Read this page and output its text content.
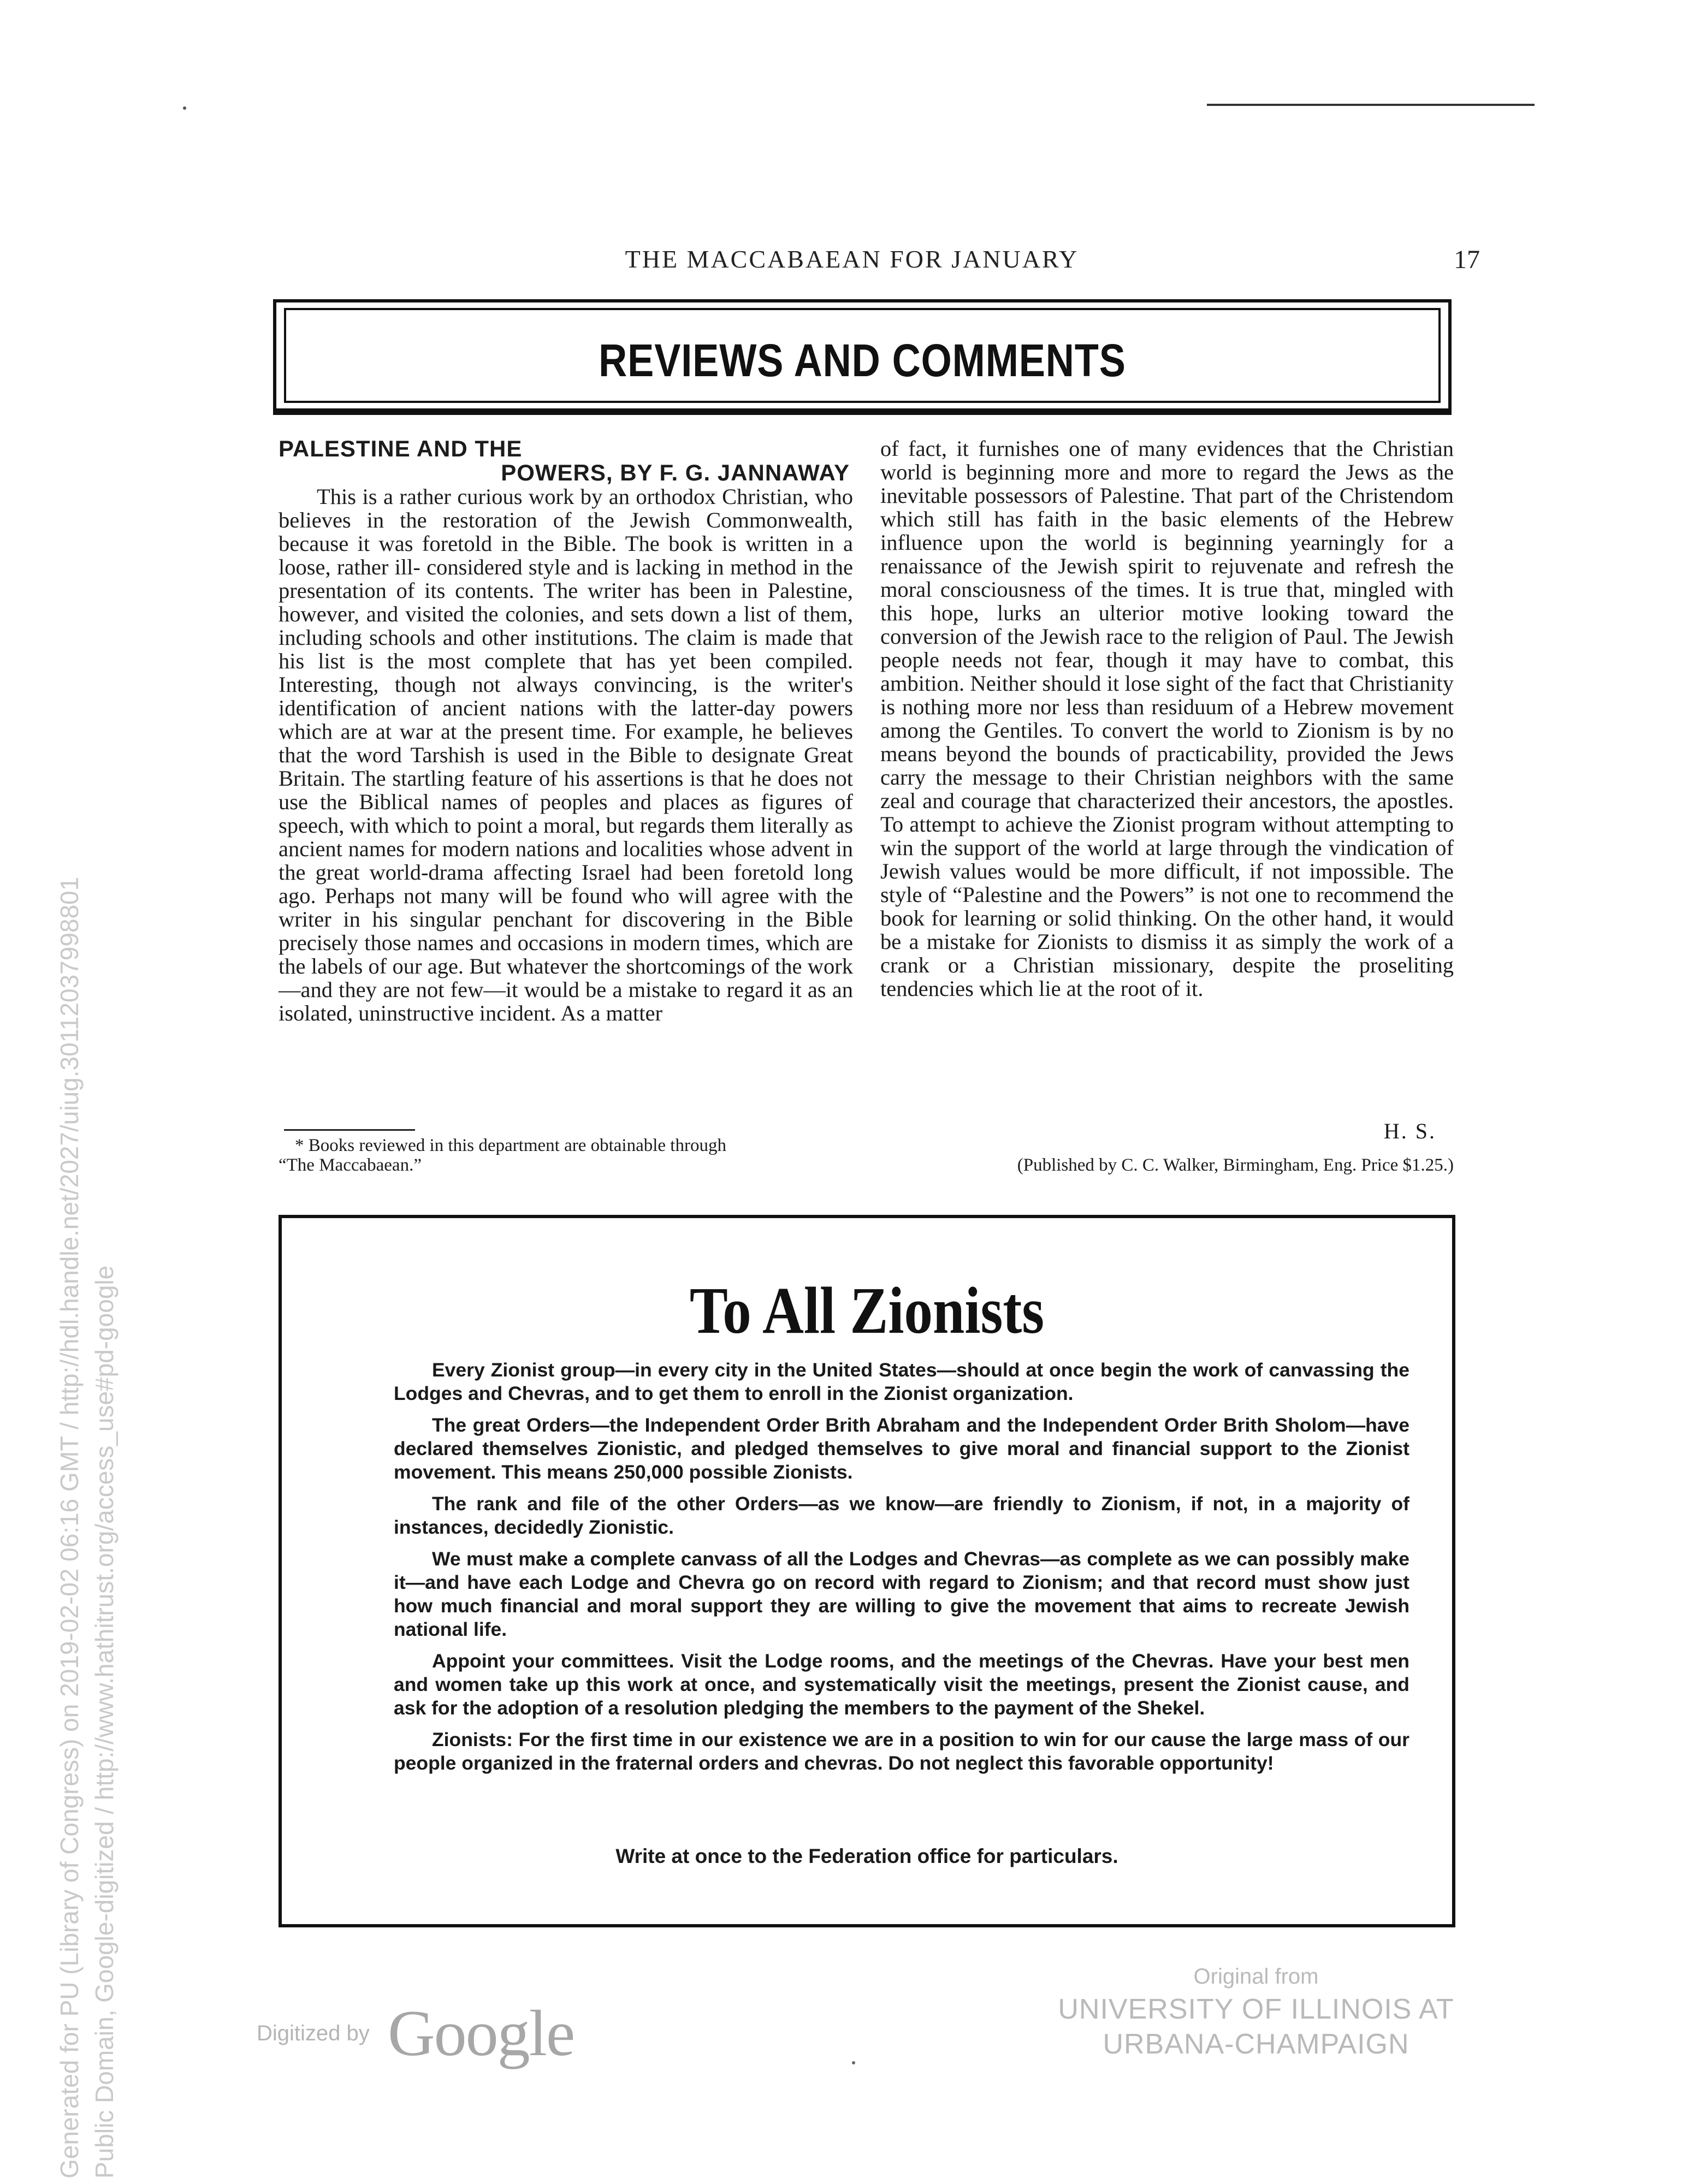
THE MACCABAEAN FOR JANUARY	17
REVIEWS AND COMMENTS
PALESTINE AND THE
POWERS, BY F. G. JANNAWAY

This is a rather curious work by an orthodox Christian, who believes in the restoration of the Jewish Commonwealth, because it was foretold in the Bible. The book is written in a loose, rather ill- considered style and is lacking in method in the presentation of its contents. The writer has been in Palestine, however, and visited the colonies, and sets down a list of them, including schools and other institutions. The claim is made that his list is the most complete that has yet been compiled. Interesting, though not always convincing, is the writer's identification of ancient nations with the latter-day powers which are at war at the present time. For example, he believes that the word Tarshish is used in the Bible to designate Great Britain. The startling feature of his assertions is that he does not use the Biblical names of peoples and places as figures of speech, with which to point a moral, but regards them literally as ancient names for modern nations and localities whose advent in the great world-drama affecting Israel had been foretold long ago. Perhaps not many will be found who will agree with the writer in his singular penchant for discovering in the Bible precisely those names and occasions in modern times, which are the labels of our age. But whatever the shortcomings of the work—and they are not few—it would be a mistake to regard it as an isolated, uninstructive incident. As a matter

* Books reviewed in this department are obtainable through
“The Maccabaean.”

of fact, it furnishes one of many evidences that the Christian world is beginning more and more to regard the Jews as the inevitable possessors of Palestine. That part of the Christendom which still has faith in the basic elements of the Hebrew influence upon the world is beginning yearningly for a renaissance of the Jewish spirit to rejuvenate and refresh the moral consciousness of the times. It is true that, mingled with this hope, lurks an ulterior motive looking toward the conversion of the Jewish race to the religion of Paul. The Jewish people needs not fear, though it may have to combat, this ambition. Neither should it lose sight of the fact that Christianity is nothing more nor less than residuum of a Hebrew movement among the Gentiles. To convert the world to Zionism is by no means beyond the bounds of practicability, provided the Jews carry the message to their Christian neighbors with the same zeal and courage that characterized their ancestors, the apostles. To attempt to achieve the Zionist program without attempting to win the support of the world at large through the vindication of Jewish values would be more difficult, if not impossible. The style of “Palestine and the Powers” is not one to recommend the book for learning or solid thinking. On the other hand, it would be a mistake for Zionists to dismiss it as simply the work of a crank or a Christian missionary, despite the proseliting tendencies which lie at the root of it.

H. S.
(Published by C. C. Walker, Birmingham, Eng. Price $1.25.)
To All Zionists

Every Zionist group—in every city in the United States—should at once begin the work of canvassing the Lodges and Chevras, and to get them to enroll in the Zionist organization.

The great Orders—the Independent Order Brith Abraham and the Independent Order Brith Sholom—have declared themselves Zionistic, and pledged themselves to give moral and financial support to the Zionist movement. This means 250,000 possible Zionists.

The rank and file of the other Orders—as we know—are friendly to Zionism, if not, in a majority of instances, decidedly Zionistic.

We must make a complete canvass of all the Lodges and Chevras—as complete as we can possibly make it—and have each Lodge and Chevra go on record with regard to Zionism; and that record must show just how much financial and moral support they are willing to give the movement that aims to recreate Jewish national life.

Appoint your committees. Visit the Lodge rooms, and the meetings of the Chevras. Have your best men and women take up this work at once, and systematically visit the meetings, present the Zionist cause, and ask for the adoption of a resolution pledging the members to the payment of the Shekel.

Zionists: For the first time in our existence we are in a position to win for our cause the large mass of our people organized in the fraternal orders and chevras. Do not neglect this favorable opportunity!

Write at once to the Federation office for particulars.
Digitized by Google
Original from
UNIVERSITY OF ILLINOIS AT
URBANA-CHAMPAIGN
Generated for PU (Library of Congress) on 2019-02-02 06:16 GMT / http://hdl.handle.net/2027/uiug.30112037998801 Public Domain, Google-digitized / http://www.hathitrust.org/access_use#pd-google
